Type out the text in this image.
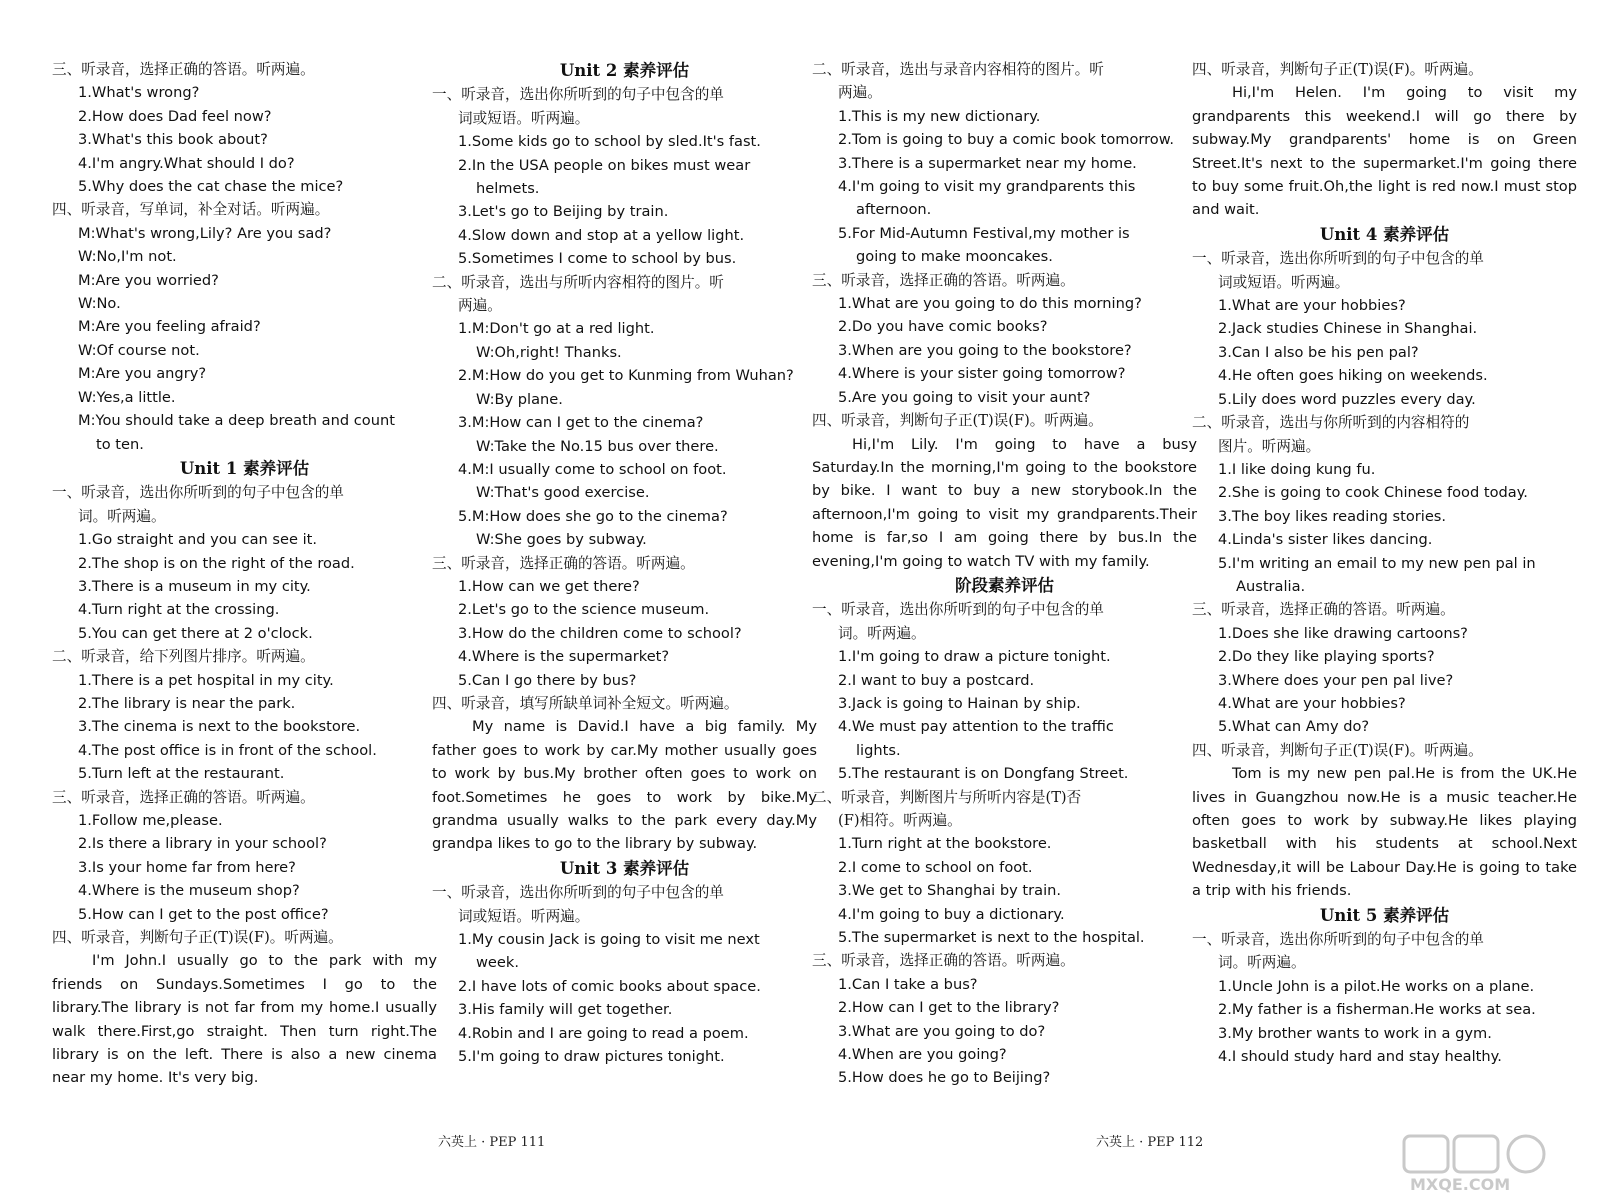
三、听录音，选择正确的答语。听两遍。
1.What's wrong?
2.How does Dad feel now?
3.What's this book about?
4.I'm angry.What should I do?
5.Why does the cat chase the mice?
四、听录音，写单词，补全对话。听两遍。
M:What's wrong,Lily? Are you sad?
W:No,I'm not.
M:Are you worried?
W:No.
M:Are you feeling afraid?
W:Of course not.
M:Are you angry?
W:Yes,a little.
M:You should take a deep breath and count
to ten.
Unit 1 素养评估
一、听录音，选出你所听到的句子中包含的单
词。听两遍。
1.Go straight and you can see it.
2.The shop is on the right of the road.
3.There is a museum in my city.
4.Turn right at the crossing.
5.You can get there at 2 o'clock.
二、听录音，给下列图片排序。听两遍。
1.There is a pet hospital in my city.
2.The library is near the park.
3.The cinema is next to the bookstore.
4.The post office is in front of the school.
5.Turn left at the restaurant.
三、听录音，选择正确的答语。听两遍。
1.Follow me,please.
2.Is there a library in your school?
3.Is your home far from here?
4.Where is the museum shop?
5.How can I get to the post office?
四、听录音，判断句子正(T)误(F)。听两遍。
I'm John.I usually go to the park with my friends on Sundays.Sometimes I go to the library.The library is not far from my home.I usually walk there.First,go straight. Then turn right.The library is on the left. There is also a new cinema near my home. It's very big.
Unit 2 素养评估
一、听录音，选出你所听到的句子中包含的单
词或短语。听两遍。
1.Some kids go to school by sled.It's fast.
2.In the USA people on bikes must wear
helmets.
3.Let's go to Beijing by train.
4.Slow down and stop at a yellow light.
5.Sometimes I come to school by bus.
二、听录音，选出与所听内容相符的图片。听
两遍。
1.M:Don't go at a red light.
W:Oh,right! Thanks.
2.M:How do you get to Kunming from Wuhan?
W:By plane.
3.M:How can I get to the cinema?
W:Take the No.15 bus over there.
4.M:I usually come to school on foot.
W:That's good exercise.
5.M:How does she go to the cinema?
W:She goes by subway.
三、听录音，选择正确的答语。听两遍。
1.How can we get there?
2.Let's go to the science museum.
3.How do the children come to school?
4.Where is the supermarket?
5.Can I go there by bus?
四、听录音，填写所缺单词补全短文。听两遍。
My name is David.I have a big family. My father goes to work by car.My mother usually goes to work by bus.My brother often goes to work on foot.Sometimes he goes to work by bike.My grandma usually walks to the park every day.My grandpa likes to go to the library by subway.
Unit 3 素养评估
一、听录音，选出你所听到的句子中包含的单
词或短语。听两遍。
1.My cousin Jack is going to visit me next
week.
2.I have lots of comic books about space.
3.His family will get together.
4.Robin and I are going to read a poem.
5.I'm going to draw pictures tonight.
二、听录音，选出与录音内容相符的图片。听
两遍。
1.This is my new dictionary.
2.Tom is going to buy a comic book tomorrow.
3.There is a supermarket near my home.
4.I'm going to visit my grandparents this
afternoon.
5.For Mid-Autumn Festival,my mother is
going to make mooncakes.
三、听录音，选择正确的答语。听两遍。
1.What are you going to do this morning?
2.Do you have comic books?
3.When are you going to the bookstore?
4.Where is your sister going tomorrow?
5.Are you going to visit your aunt?
四、听录音，判断句子正(T)误(F)。听两遍。
Hi,I'm Lily. I'm going to have a busy Saturday.In the morning,I'm going to the bookstore by bike. I want to buy a new storybook.In the afternoon,I'm going to visit my grandparents.Their home is far,so I am going there by bus.In the evening,I'm going to watch TV with my family.
阶段素养评估
一、听录音，选出你所听到的句子中包含的单
词。听两遍。
1.I'm going to draw a picture tonight.
2.I want to buy a postcard.
3.Jack is going to Hainan by ship.
4.We must pay attention to the traffic
lights.
5.The restaurant is on Dongfang Street.
二、听录音，判断图片与所听内容是(T)否
(F)相符。听两遍。
1.Turn right at the bookstore.
2.I come to school on foot.
3.We get to Shanghai by train.
4.I'm going to buy a dictionary.
5.The supermarket is next to the hospital.
三、听录音，选择正确的答语。听两遍。
1.Can I take a bus?
2.How can I get to the library?
3.What are you going to do?
4.When are you going?
5.How does he go to Beijing?
四、听录音，判断句子正(T)误(F)。听两遍。
Hi,I'm Helen. I'm going to visit my grandparents this weekend.I will go there by subway.My grandparents' home is on Green Street.It's next to the supermarket.I'm going there to buy some fruit.Oh,the light is red now.I must stop and wait.
Unit 4 素养评估
一、听录音，选出你所听到的句子中包含的单
词或短语。听两遍。
1.What are your hobbies?
2.Jack studies Chinese in Shanghai.
3.Can I also be his pen pal?
4.He often goes hiking on weekends.
5.Lily does word puzzles every day.
二、听录音，选出与你所听到的内容相符的
图片。听两遍。
1.I like doing kung fu.
2.She is going to cook Chinese food today.
3.The boy likes reading stories.
4.Linda's sister likes dancing.
5.I'm writing an email to my new pen pal in
Australia.
三、听录音，选择正确的答语。听两遍。
1.Does she like drawing cartoons?
2.Do they like playing sports?
3.Where does your pen pal live?
4.What are your hobbies?
5.What can Amy do?
四、听录音，判断句子正(T)误(F)。听两遍。
Tom is my new pen pal.He is from the UK.He lives in Guangzhou now.He is a music teacher.He often goes to work by subway.He likes playing basketball with his students at school.Next Wednesday,it will be Labour Day.He is going to take a trip with his friends.
Unit 5 素养评估
一、听录音，选出你所听到的句子中包含的单
词。听两遍。
1.Uncle John is a pilot.He works on a plane.
2.My father is a fisherman.He works at sea.
3.My brother wants to work in a gym.
4.I should study hard and stay healthy.
六英上 · PEP 111	六英上 · PEP 112
MXQE.COM
